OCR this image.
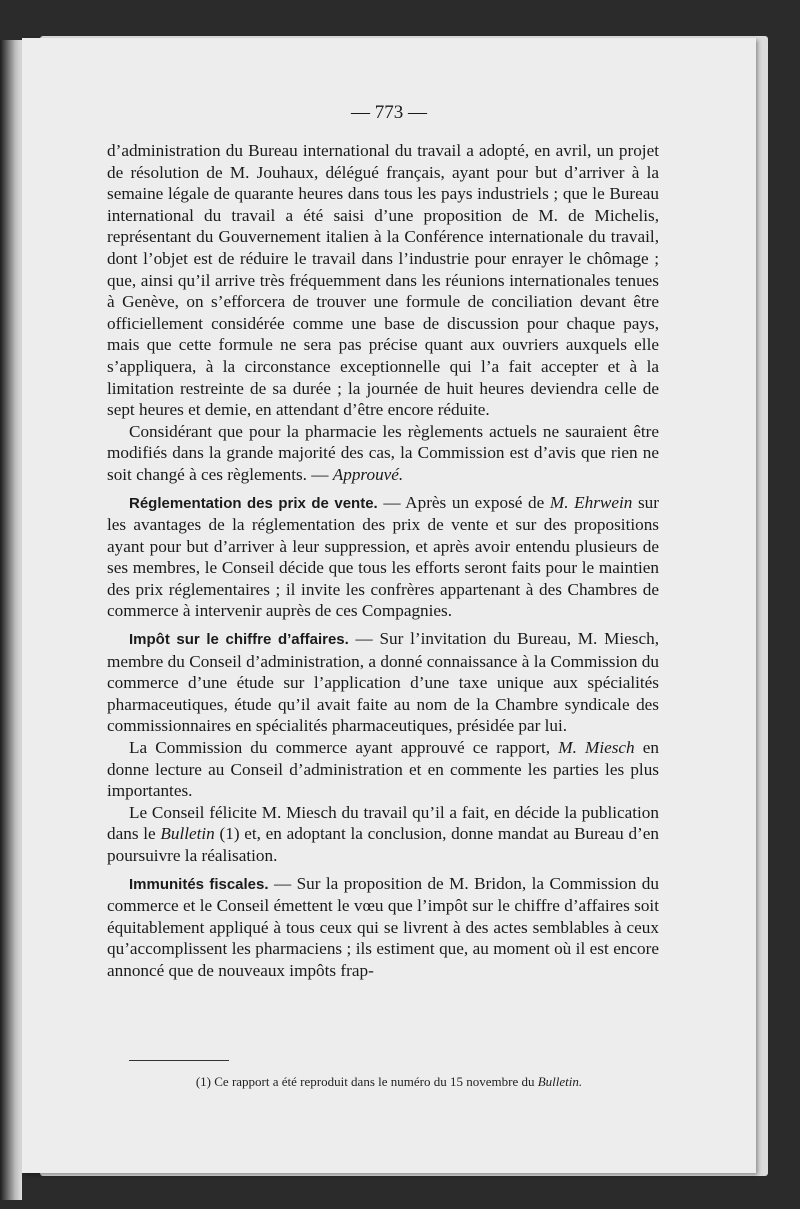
— 773 —

d’administration du Bureau international du travail a adopté, en avril, un projet de résolution de M. Jouhaux, délégué français, ayant pour but d’arriver à la semaine légale de quarante heures dans tous les pays industriels ; que le Bureau international du travail a été saisi d’une proposition de M. de Michelis, représentant du Gouvernement italien à la Conférence internationale du travail, dont l’objet est de réduire le travail dans l’industrie pour enrayer le chômage ; que, ainsi qu’il arrive très fréquemment dans les réunions internationales tenues à Genève, on s’efforcera de trouver une formule de conciliation devant être officiellement considérée comme une base de discussion pour chaque pays, mais que cette formule ne sera pas précise quant aux ouvriers auxquels elle s’appliquera, à la circonstance exceptionnelle qui l’a fait accepter et à la limitation restreinte de sa durée ; la journée de huit heures deviendra celle de sept heures et demie, en attendant d’être encore réduite.

Considérant que pour la pharmacie les règlements actuels ne sauraient être modifiés dans la grande majorité des cas, la Commission est d’avis que rien ne soit changé à ces règlements. — Approuvé.

Réglementation des prix de vente. — Après un exposé de M. Ehrwein sur les avantages de la réglementation des prix de vente et sur des propositions ayant pour but d’arriver à leur suppression, et après avoir entendu plusieurs de ses membres, le Conseil décide que tous les efforts seront faits pour le maintien des prix réglementaires ; il invite les confrères appartenant à des Chambres de commerce à intervenir auprès de ces Compagnies.

Impôt sur le chiffre d’affaires. — Sur l’invitation du Bureau, M. Miesch, membre du Conseil d’administration, a donné connaissance à la Commission du commerce d’une étude sur l’application d’une taxe unique aux spécialités pharmaceutiques, étude qu’il avait faite au nom de la Chambre syndicale des commissionnaires en spécialités pharmaceutiques, présidée par lui.

La Commission du commerce ayant approuvé ce rapport, M. Miesch en donne lecture au Conseil d’administration et en commente les parties les plus importantes.

Le Conseil félicite M. Miesch du travail qu’il a fait, en décide la publication dans le Bulletin (1) et, en adoptant la conclusion, donne mandat au Bureau d’en poursuivre la réalisation.

Immunités fiscales. — Sur la proposition de M. Bridon, la Commission du commerce et le Conseil émettent le vœu que l’impôt sur le chiffre d’affaires soit équitablement appliqué à tous ceux qui se livrent à des actes semblables à ceux qu’accomplissent les pharmaciens ; ils estiment que, au moment où il est encore annoncé que de nouveaux impôts frap-

(1) Ce rapport a été reproduit dans le numéro du 15 novembre du Bulletin.
